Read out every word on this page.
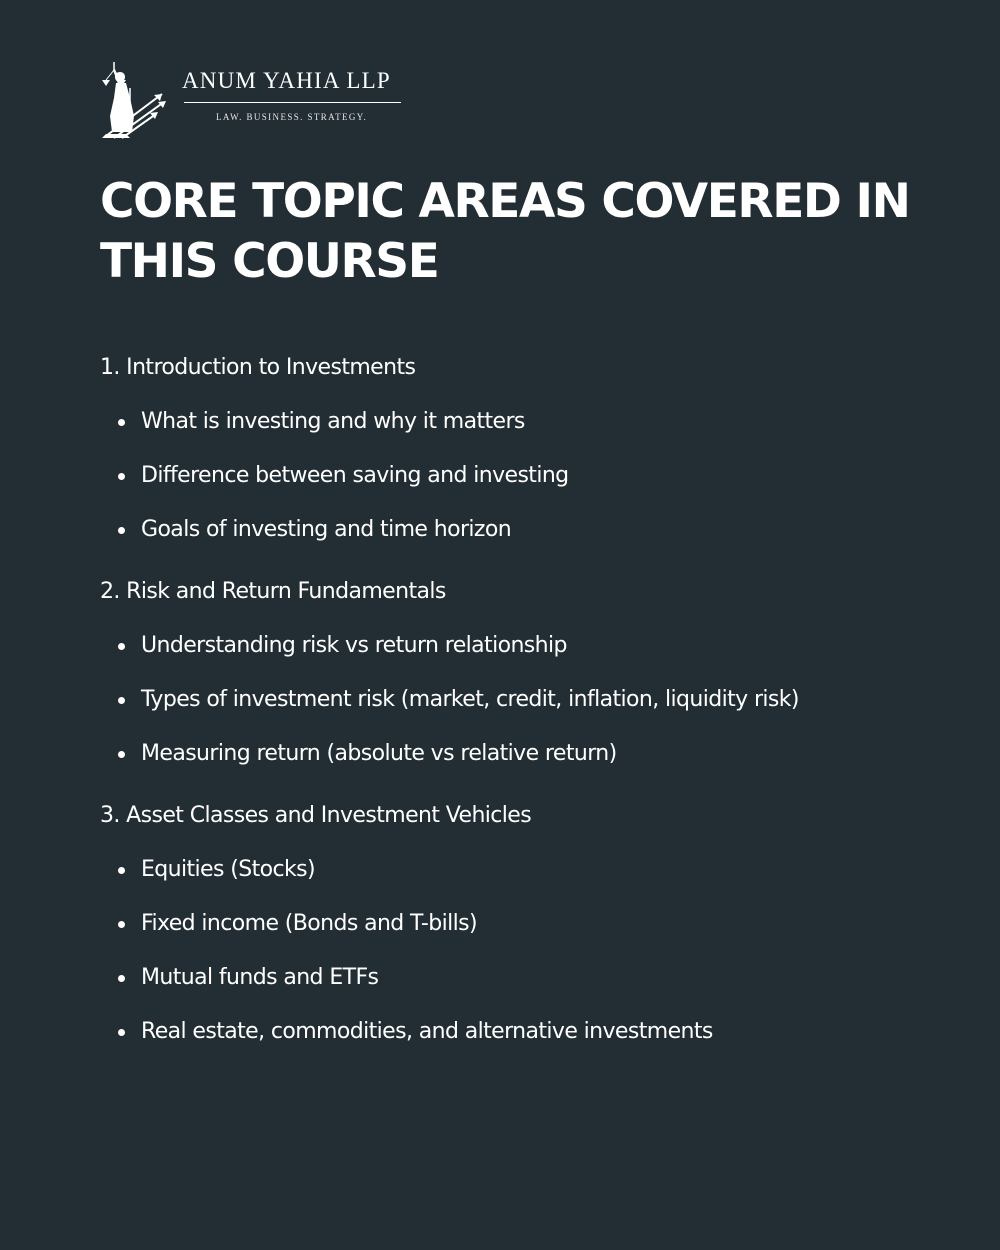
ANUM YAHIA LLP
LAW. BUSINESS. STRATEGY.
CORE TOPIC AREAS COVERED IN THIS COURSE
1. Introduction to Investments
What is investing and why it matters
Difference between saving and investing
Goals of investing and time horizon
2. Risk and Return Fundamentals
Understanding risk vs return relationship
Types of investment risk (market, credit, inflation, liquidity risk)
Measuring return (absolute vs relative return)
3. Asset Classes and Investment Vehicles
Equities (Stocks)
Fixed income (Bonds and T-bills)
Mutual funds and ETFs
Real estate, commodities, and alternative investments
